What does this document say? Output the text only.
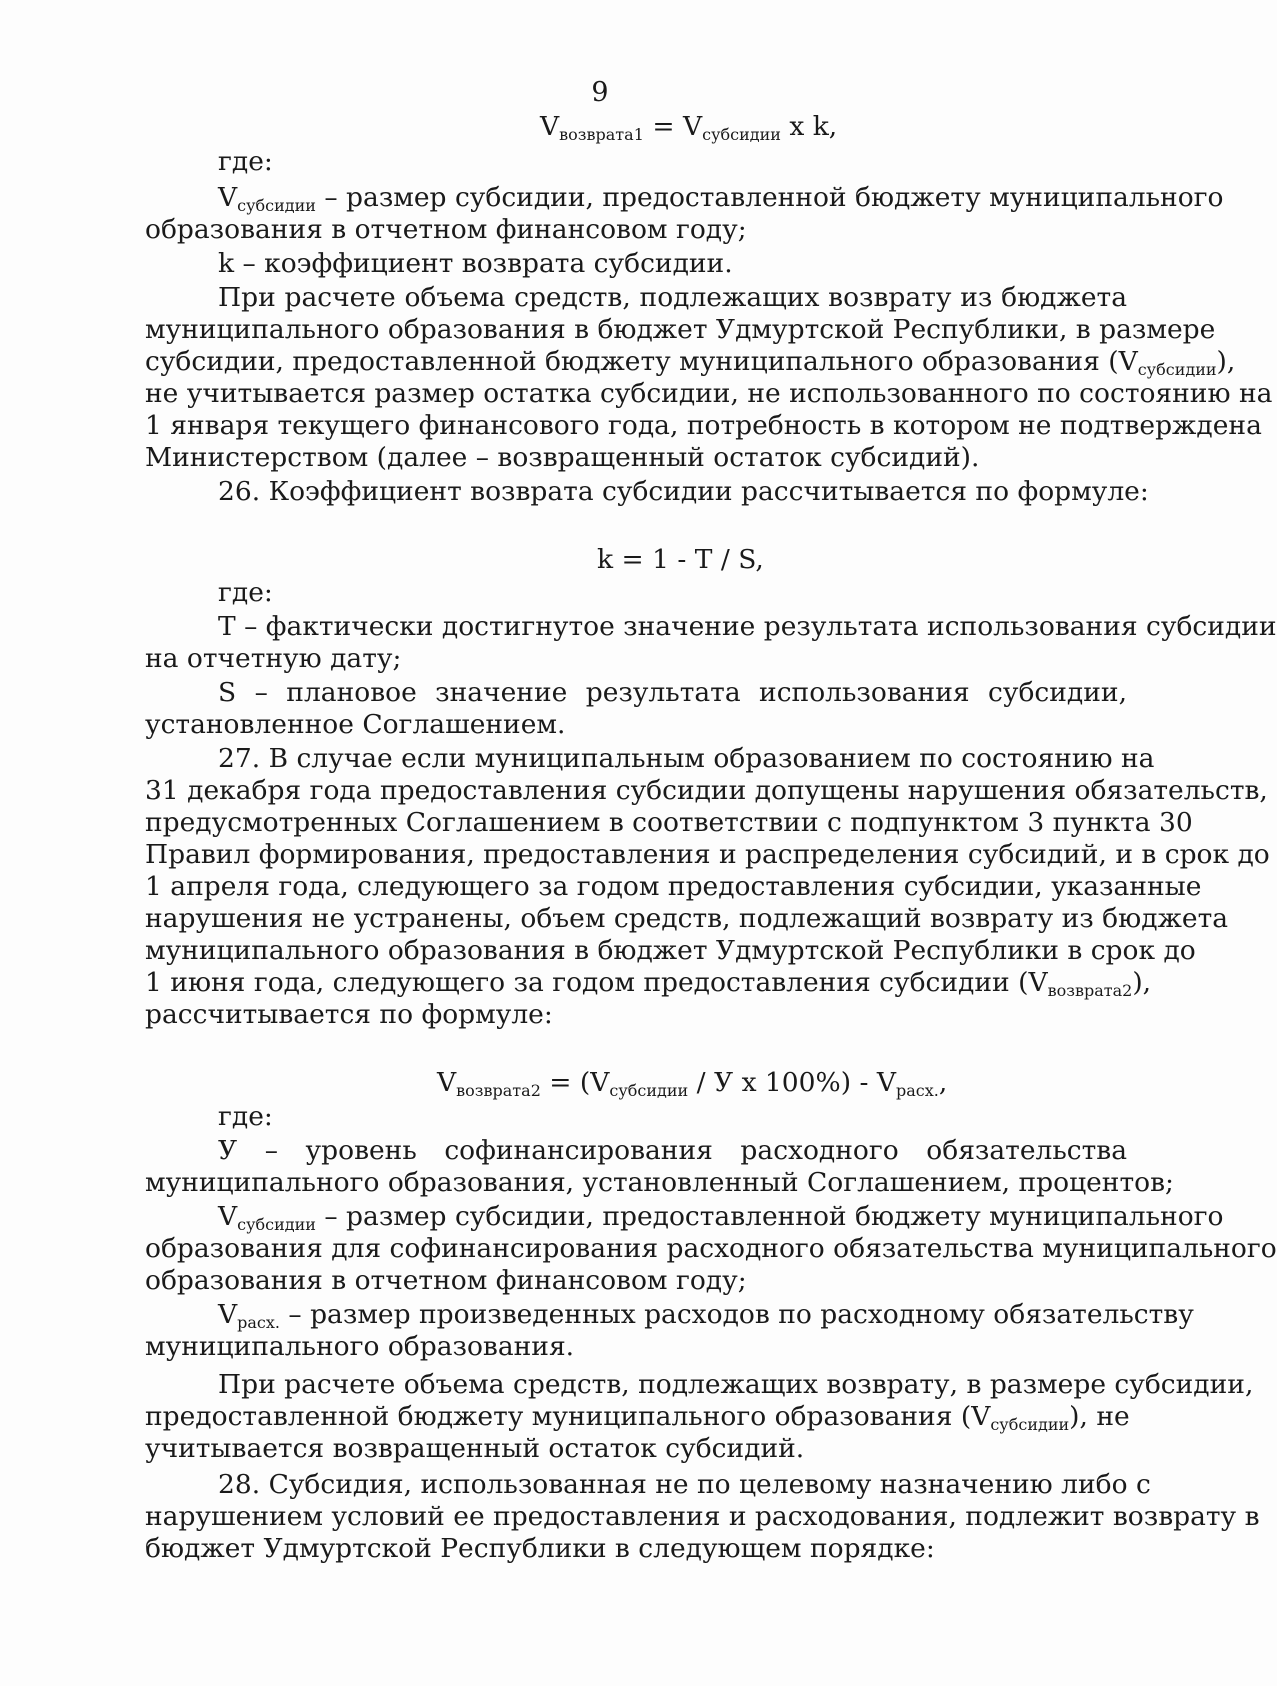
9
$V_{возврата1} = V_{субсидии}$ x k,
где:
$V_{субсидии}$ – размер субсидии, предоставленной бюджету муниципального
образования в отчетном финансовом году;
k – коэффициент возврата субсидии.
При расчете объема средств, подлежащих возврату из бюджета
муниципального образования в бюджет Удмуртской Республики, в размере
субсидии, предоставленной бюджету муниципального образования $(V_{субсидии})$,
не учитывается размер остатка субсидии, не использованного по состоянию на
1 января текущего финансового года, потребность в котором не подтверждена
Министерством (далее – возвращенный остаток субсидий).
26. Коэффициент возврата субсидии рассчитывается по формуле:
k = 1 - T / S,
где:
T – фактически достигнутое значение результата использования субсидии
на отчетную дату;
S – плановое значение результата использования субсидии,
установленное Соглашением.
27. В случае если муниципальным образованием по состоянию на
31 декабря года предоставления субсидии допущены нарушения обязательств,
предусмотренных Соглашением в соответствии с подпунктом 3 пункта 30
Правил формирования, предоставления и распределения субсидий, и в срок до
1 апреля года, следующего за годом предоставления субсидии, указанные
нарушения не устранены, объем средств, подлежащий возврату из бюджета
муниципального образования в бюджет Удмуртской Республики в срок до
1 июня года, следующего за годом предоставления субсидии $(V_{возврата2})$,
рассчитывается по формуле:
$V_{возврата2} = (V_{субсидии} / У$ x $100\%) - V_{расх.}$,
где:
У – уровень софинансирования расходного обязательства
муниципального образования, установленный Соглашением, процентов;
$V_{субсидии}$ – размер субсидии, предоставленной бюджету муниципального
образования для софинансирования расходного обязательства муниципального
образования в отчетном финансовом году;
$V_{расх.}$ – размер произведенных расходов по расходному обязательству
муниципального образования.
При расчете объема средств, подлежащих возврату, в размере субсидии,
предоставленной бюджету муниципального образования $(V_{субсидии})$, не
учитывается возвращенный остаток субсидий.
28. Субсидия, использованная не по целевому назначению либо с
нарушением условий ее предоставления и расходования, подлежит возврату в
бюджет Удмуртской Республики в следующем порядке:
